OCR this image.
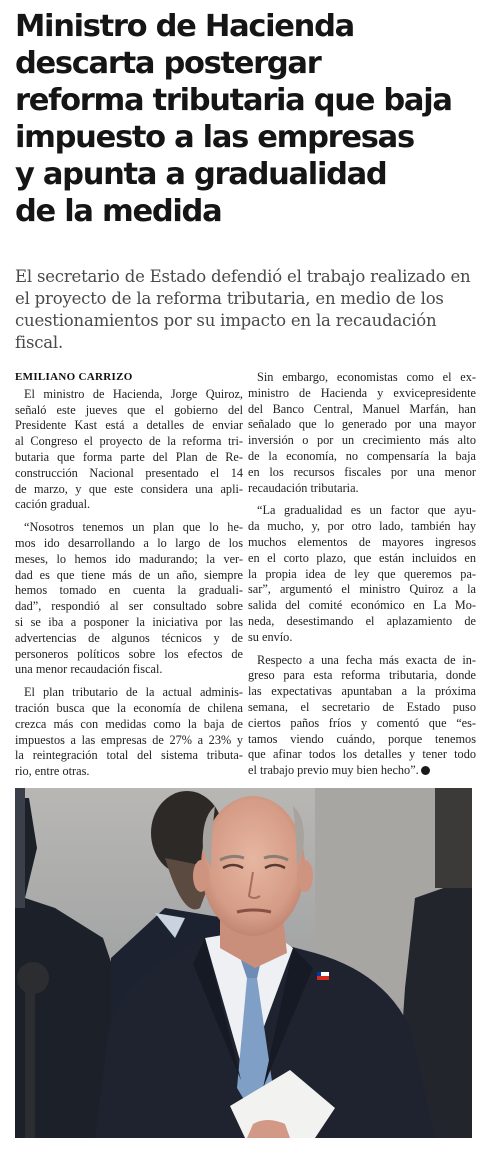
Ministro de Hacienda
descarta postergar
reforma tributaria que baja
impuesto a las empresas
y apunta a gradualidad
de la medida

El secretario de Estado defendió el trabajo realizado en
el proyecto de la reforma tributaria, en medio de los
cuestionamientos por su impacto en la recaudación
fiscal.

EMILIANO CARRIZO
El ministro de Hacienda, Jorge Quiroz,
señaló este jueves que el gobierno del
Presidente Kast está a detalles de enviar
al Congreso el proyecto de la reforma tri-
butaria que forma parte del Plan de Re-
construcción Nacional presentado el 14
de marzo, y que este considera una apli-
cación gradual.
“Nosotros tenemos un plan que lo he-
mos ido desarrollando a lo largo de los
meses, lo hemos ido madurando; la ver-
dad es que tiene más de un año, siempre
hemos tomado en cuenta la graduali-
dad”, respondió al ser consultado sobre
si se iba a posponer la iniciativa por las
advertencias de algunos técnicos y de
personeros políticos sobre los efectos de
una menor recaudación fiscal.
El plan tributario de la actual adminis-
tración busca que la economía de chilena
crezca más con medidas como la baja de
impuestos a las empresas de 27% a 23% y
la reintegración total del sistema tributa-
rio, entre otras.
Sin embargo, economistas como el ex-
ministro de Hacienda y exvicepresidente
del Banco Central, Manuel Marfán, han
señalado que lo generado por una mayor
inversión o por un crecimiento más alto
de la economía, no compensaría la baja
en los recursos fiscales por una menor
recaudación tributaria.
“La gradualidad es un factor que ayu-
da mucho, y, por otro lado, también hay
muchos elementos de mayores ingresos
en el corto plazo, que están incluidos en
la propia idea de ley que queremos pa-
sar”, argumentó el ministro Quiroz a la
salida del comité económico en La Mo-
neda, desestimando el aplazamiento de
su envío.
Respecto a una fecha más exacta de in-
greso para esta reforma tributaria, donde
las expectativas apuntaban a la próxima
semana, el secretario de Estado puso
ciertos paños fríos y comentó que “es-
tamos viendo cuándo, porque tenemos
que afinar todos los detalles y tener todo
el trabajo previo muy bien hecho”.
